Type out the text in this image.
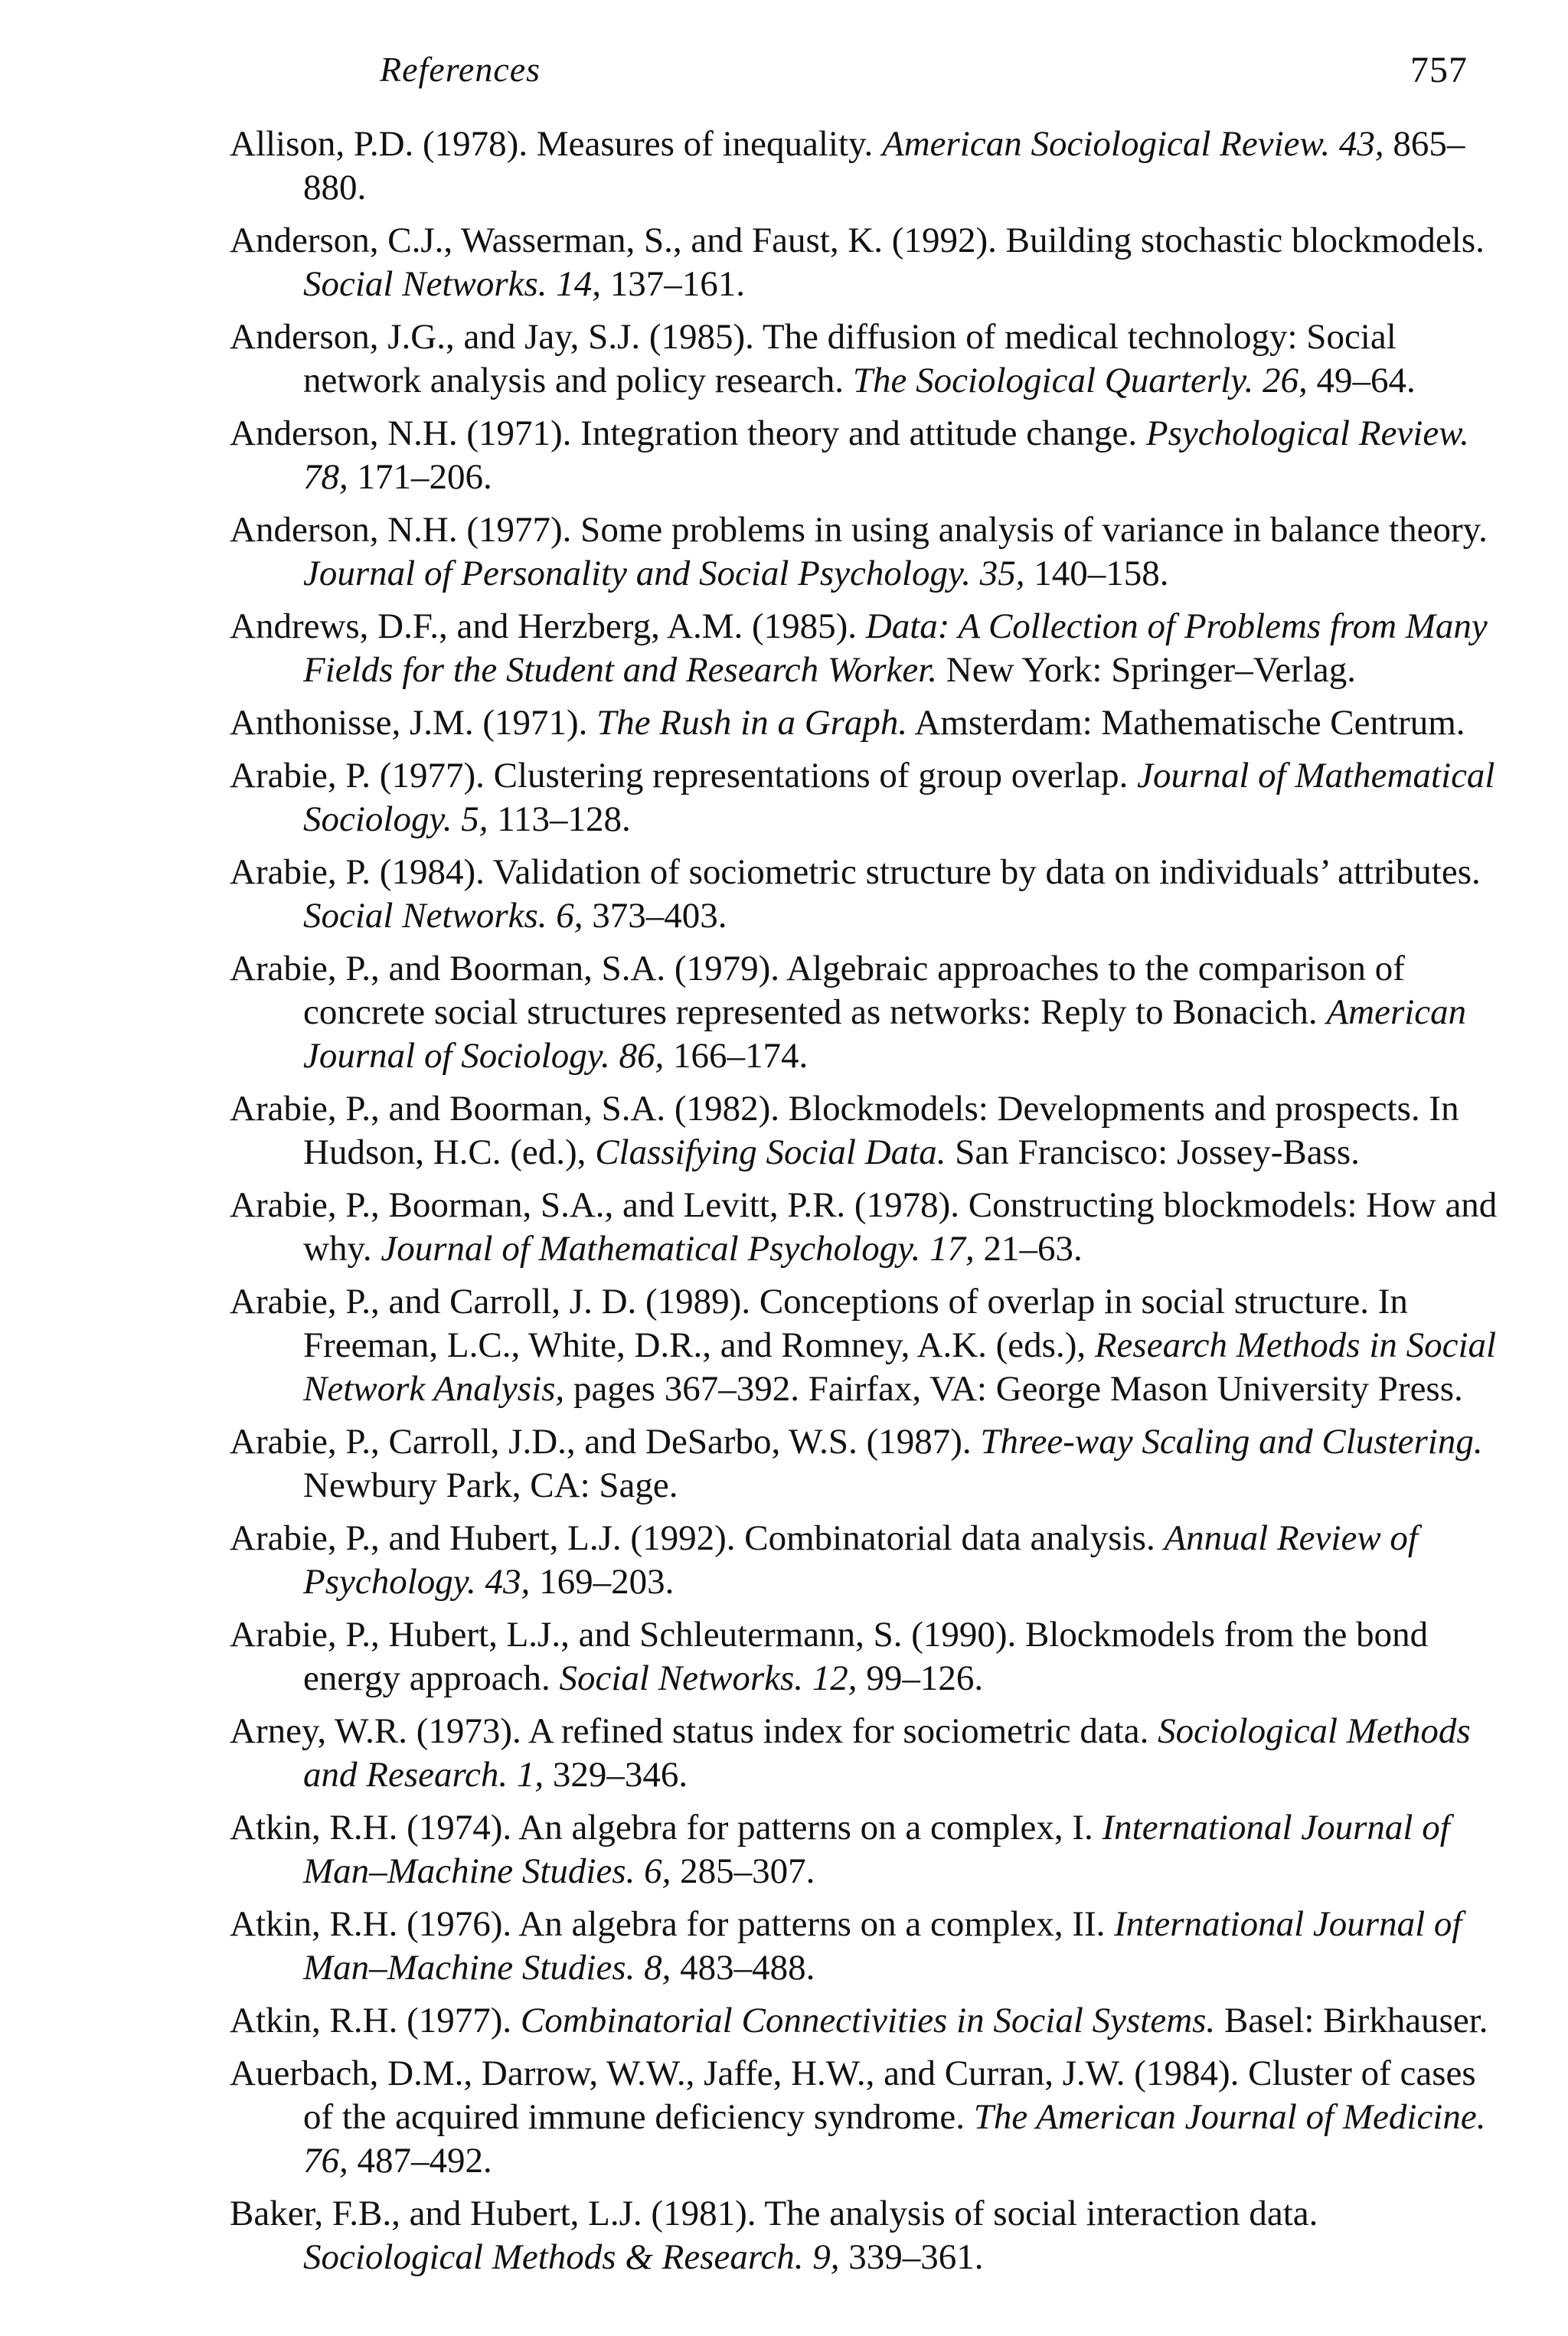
References	757
Allison, P.D. (1978). Measures of inequality. American Sociological Review. 43, 865–880.
Anderson, C.J., Wasserman, S., and Faust, K. (1992). Building stochastic blockmodels. Social Networks. 14, 137–161.
Anderson, J.G., and Jay, S.J. (1985). The diffusion of medical technology: Social network analysis and policy research. The Sociological Quarterly. 26, 49–64.
Anderson, N.H. (1971). Integration theory and attitude change. Psychological Review. 78, 171–206.
Anderson, N.H. (1977). Some problems in using analysis of variance in balance theory. Journal of Personality and Social Psychology. 35, 140–158.
Andrews, D.F., and Herzberg, A.M. (1985). Data: A Collection of Problems from Many Fields for the Student and Research Worker. New York: Springer–Verlag.
Anthonisse, J.M. (1971). The Rush in a Graph. Amsterdam: Mathematische Centrum.
Arabie, P. (1977). Clustering representations of group overlap. Journal of Mathematical Sociology. 5, 113–128.
Arabie, P. (1984). Validation of sociometric structure by data on individuals’ attributes. Social Networks. 6, 373–403.
Arabie, P., and Boorman, S.A. (1979). Algebraic approaches to the comparison of concrete social structures represented as networks: Reply to Bonacich. American Journal of Sociology. 86, 166–174.
Arabie, P., and Boorman, S.A. (1982). Blockmodels: Developments and prospects. In Hudson, H.C. (ed.), Classifying Social Data. San Francisco: Jossey-Bass.
Arabie, P., Boorman, S.A., and Levitt, P.R. (1978). Constructing blockmodels: How and why. Journal of Mathematical Psychology. 17, 21–63.
Arabie, P., and Carroll, J. D. (1989). Conceptions of overlap in social structure. In Freeman, L.C., White, D.R., and Romney, A.K. (eds.), Research Methods in Social Network Analysis, pages 367–392. Fairfax, VA: George Mason University Press.
Arabie, P., Carroll, J.D., and DeSarbo, W.S. (1987). Three-way Scaling and Clustering. Newbury Park, CA: Sage.
Arabie, P., and Hubert, L.J. (1992). Combinatorial data analysis. Annual Review of Psychology. 43, 169–203.
Arabie, P., Hubert, L.J., and Schleutermann, S. (1990). Blockmodels from the bond energy approach. Social Networks. 12, 99–126.
Arney, W.R. (1973). A refined status index for sociometric data. Sociological Methods and Research. 1, 329–346.
Atkin, R.H. (1974). An algebra for patterns on a complex, I. International Journal of Man–Machine Studies. 6, 285–307.
Atkin, R.H. (1976). An algebra for patterns on a complex, II. International Journal of Man–Machine Studies. 8, 483–488.
Atkin, R.H. (1977). Combinatorial Connectivities in Social Systems. Basel: Birkhauser.
Auerbach, D.M., Darrow, W.W., Jaffe, H.W., and Curran, J.W. (1984). Cluster of cases of the acquired immune deficiency syndrome. The American Journal of Medicine. 76, 487–492.
Baker, F.B., and Hubert, L.J. (1981). The analysis of social interaction data. Sociological Methods & Research. 9, 339–361.
